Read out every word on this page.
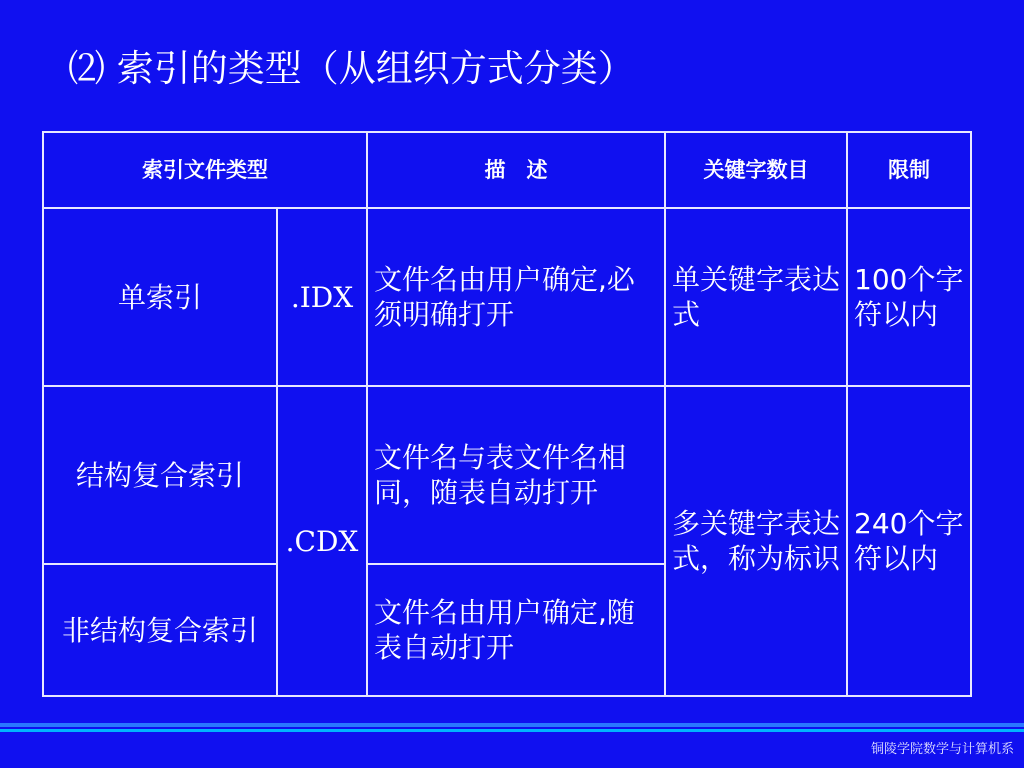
⑵ 索引的类型（从组织方式分类）
索引文件类型		描　述	关键字数目	限制
单索引	.IDX	文件名由用户确定,必须明确打开	单关键字表达式	100个字符以内
结构复合索引	.CDX	文件名与表文件名相同，随表自动打开	多关键字表达式，称为标识	240个字符以内
非结构复合索引		文件名由用户确定,随表自动打开		
铜陵学院数学与计算机系
